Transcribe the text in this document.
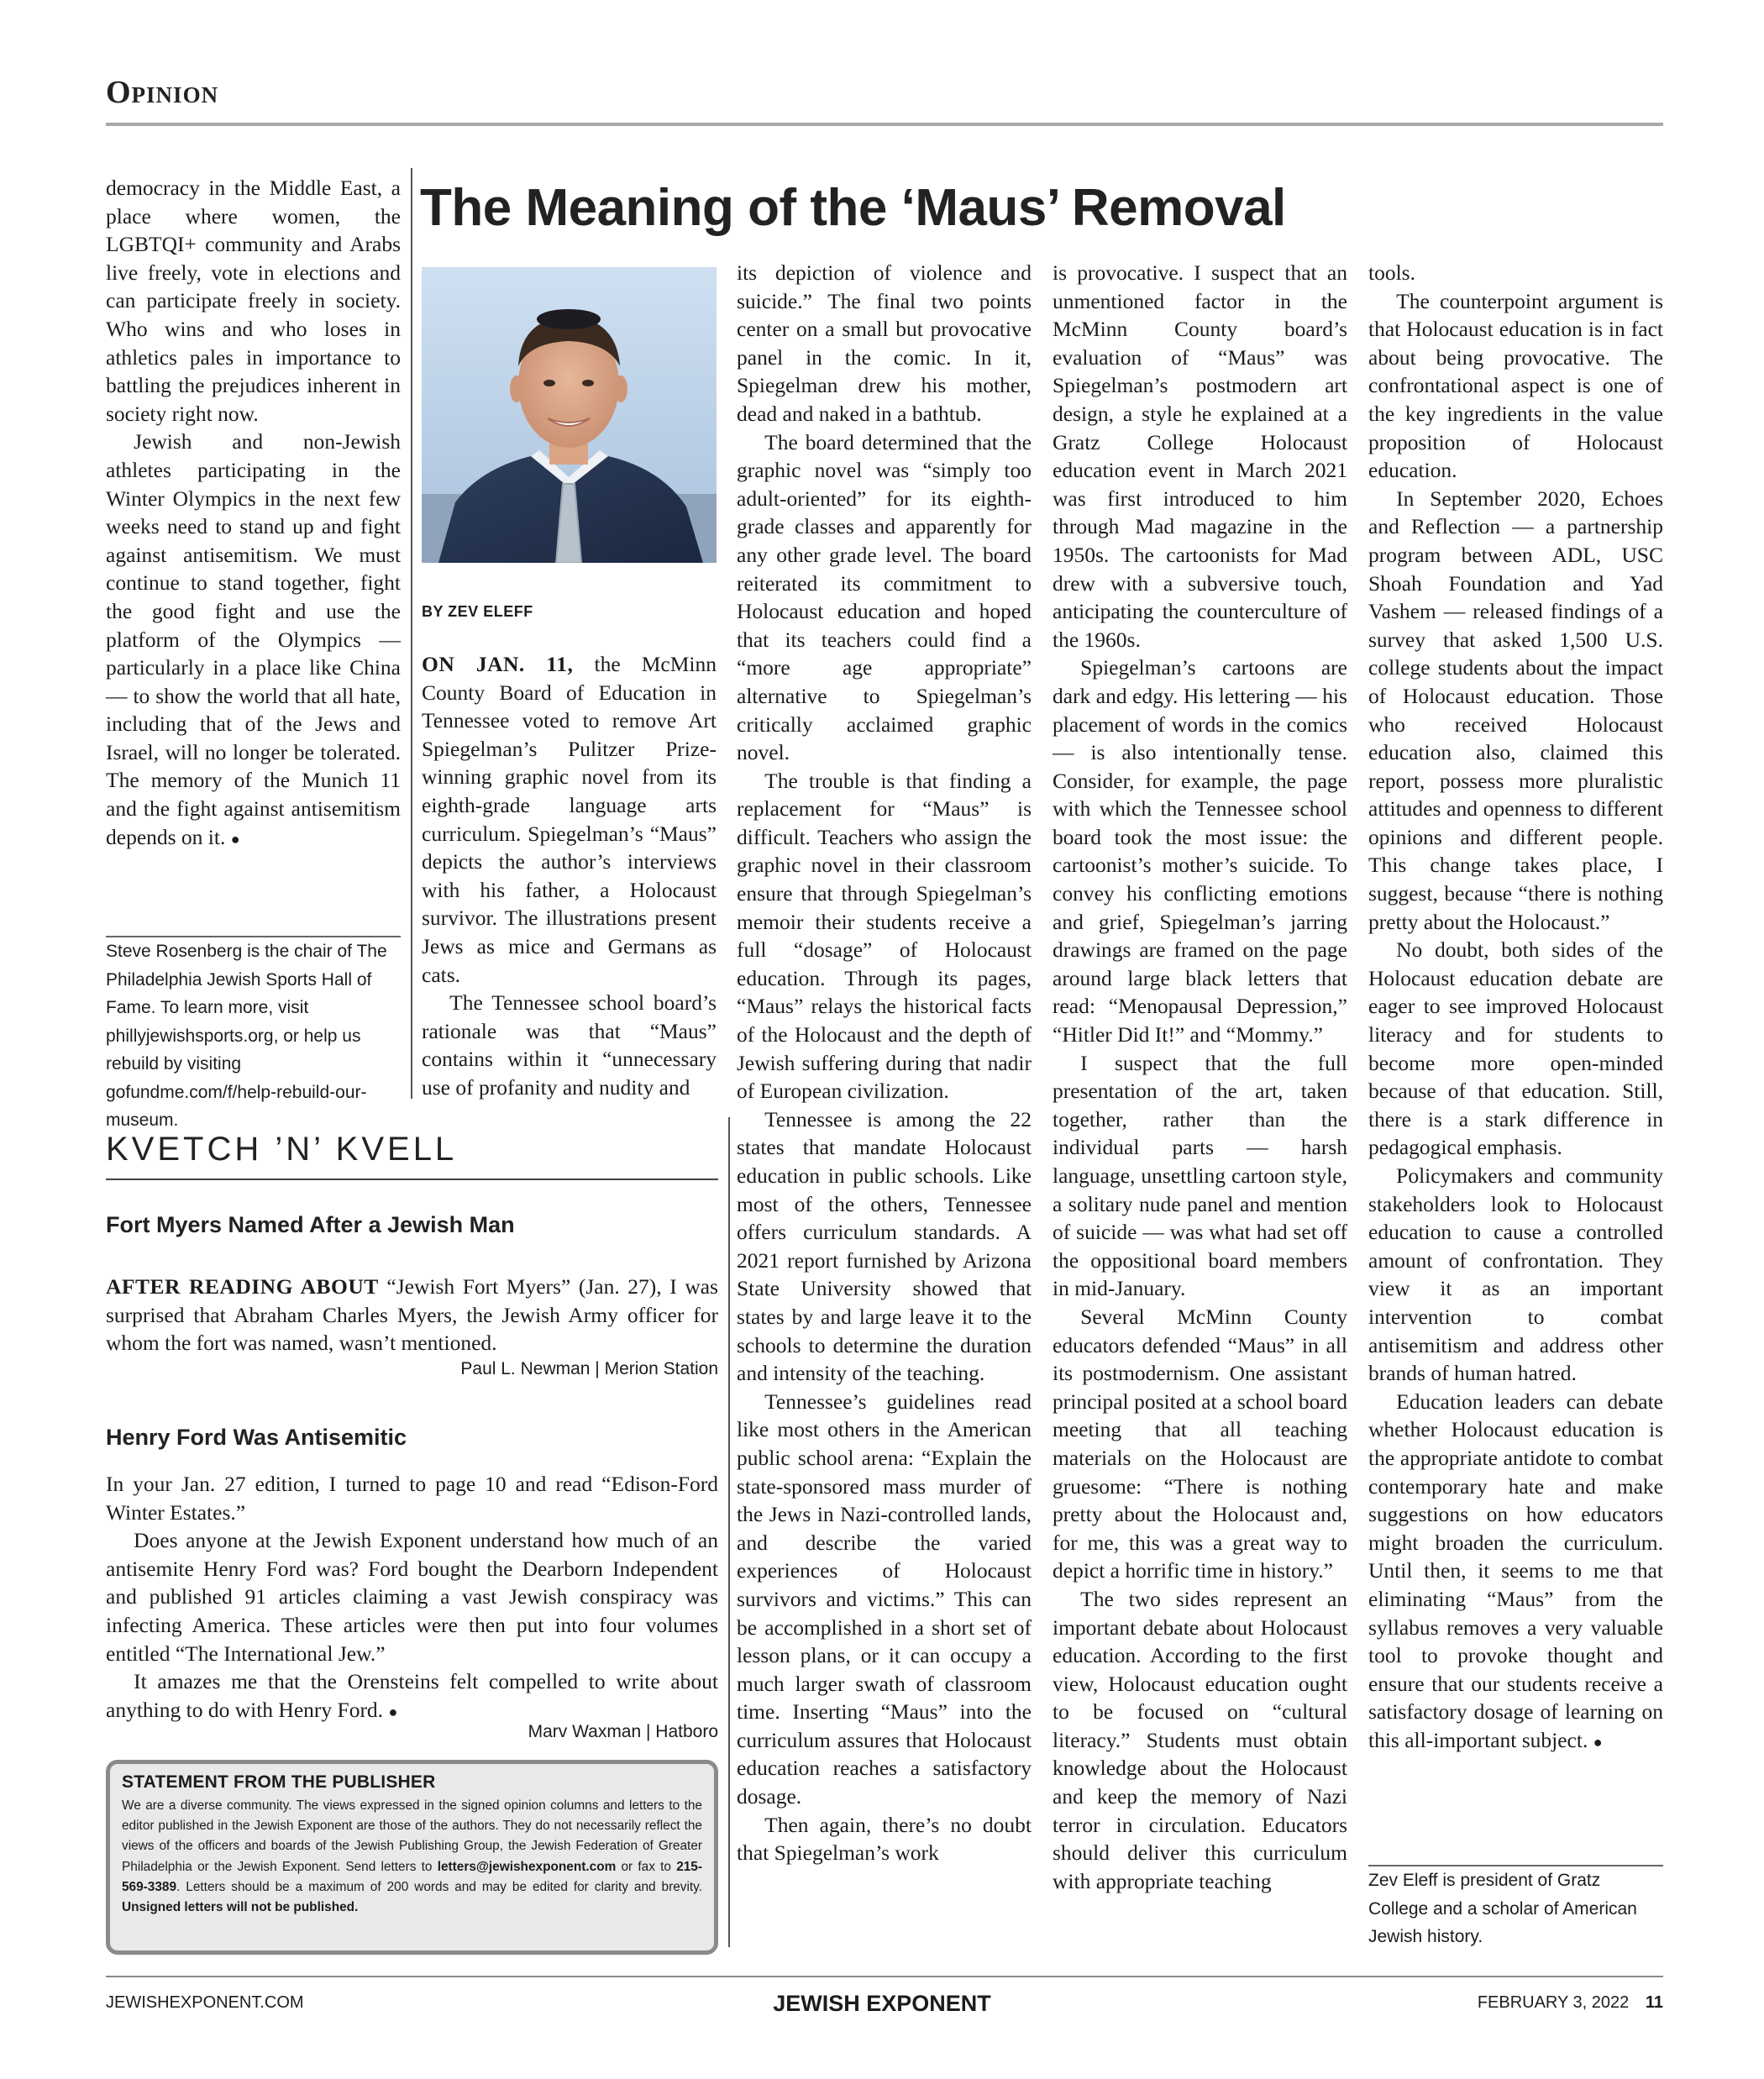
Opinion

democracy in the Middle East, a place where women, the LGBTQI+ community and Arabs live freely, vote in elections and can participate freely in society. Who wins and who loses in athletics pales in importance to battling the prejudices inherent in society right now.

Jewish and non-Jewish athletes participating in the Winter Olympics in the next few weeks need to stand up and fight against antisemitism. We must continue to stand together, fight the good fight and use the platform of the Olympics — particularly in a place like China — to show the world that all hate, including that of the Jews and Israel, will no longer be tolerated. The memory of the Munich 11 and the fight against antisemitism depends on it. ●

Steve Rosenberg is the chair of The Philadelphia Jewish Sports Hall of Fame. To learn more, visit phillyjewishsports.org, or help us rebuild by visiting gofundme.com/f/help-rebuild-our-museum.
The Meaning of the ‘Maus’ Removal
BY ZEV ELEFF

ON JAN. 11, the McMinn County Board of Education in Tennessee voted to remove Art Spiegelman’s Pulitzer Prize-winning graphic novel from its eighth-grade language arts curriculum. Spiegelman’s “Maus” depicts the author’s interviews with his father, a Holocaust survivor. The illustrations present Jews as mice and Germans as cats.

The Tennessee school board’s rationale was that “Maus” contains within it “unnecessary use of profanity and nudity and

its depiction of violence and suicide.” The final two points center on a small but provocative panel in the comic. In it, Spiegelman drew his mother, dead and naked in a bathtub.

The board determined that the graphic novel was “simply too adult-oriented” for its eighth-grade classes and apparently for any other grade level. The board reiterated its commitment to Holocaust education and hoped that its teachers could find a “more age appropriate” alternative to Spiegelman’s critically acclaimed graphic novel.

The trouble is that finding a replacement for “Maus” is difficult. Teachers who assign the graphic novel in their classroom ensure that through Spiegelman’s memoir their students receive a full “dosage” of Holocaust education. Through its pages, “Maus” relays the historical facts of the Holocaust and the depth of Jewish suffering during that nadir of European civilization.

Tennessee is among the 22 states that mandate Holocaust education in public schools. Like most of the others, Tennessee offers curriculum standards. A 2021 report furnished by Arizona State University showed that states by and large leave it to the schools to determine the duration and intensity of the teaching.

Tennessee’s guidelines read like most others in the American public school arena: “Explain the state-sponsored mass murder of the Jews in Nazi-controlled lands, and describe the varied experiences of Holocaust survivors and victims.” This can be accomplished in a short set of lesson plans, or it can occupy a much larger swath of classroom time. Inserting “Maus” into the curriculum assures that Holocaust education reaches a satisfactory dosage.

Then again, there’s no doubt that Spiegelman’s work

is provocative. I suspect that an unmentioned factor in the McMinn County board’s evaluation of “Maus” was Spiegelman’s postmodern art design, a style he explained at a Gratz College Holocaust education event in March 2021 was first introduced to him through Mad magazine in the 1950s. The cartoonists for Mad drew with a subversive touch, anticipating the counterculture of the 1960s.

Spiegelman’s cartoons are dark and edgy. His lettering — his placement of words in the comics — is also intentionally tense. Consider, for example, the page with which the Tennessee school board took the most issue: the cartoonist’s mother’s suicide. To convey his conflicting emotions and grief, Spiegelman’s jarring drawings are framed on the page around large black letters that read: “Menopausal Depression,” “Hitler Did It!” and “Mommy.”

I suspect that the full presentation of the art, taken together, rather than the individual parts — harsh language, unsettling cartoon style, a solitary nude panel and mention of suicide — was what had set off the oppositional board members in mid-January.

Several McMinn County educators defended “Maus” in all its postmodernism. One assistant principal posited at a school board meeting that all teaching materials on the Holocaust are gruesome: “There is nothing pretty about the Holocaust and, for me, this was a great way to depict a horrific time in history.”

The two sides represent an important debate about Holocaust education. According to the first view, Holocaust education ought to be focused on “cultural literacy.” Students must obtain knowledge about the Holocaust and keep the memory of Nazi terror in circulation. Educators should deliver this curriculum with appropriate teaching

tools.

The counterpoint argument is that Holocaust education is in fact about being provocative. The confrontational aspect is one of the key ingredients in the value proposition of Holocaust education.

In September 2020, Echoes and Reflection — a partnership program between ADL, USC Shoah Foundation and Yad Vashem — released findings of a survey that asked 1,500 U.S. college students about the impact of Holocaust education. Those who received Holocaust education also, claimed this report, possess more pluralistic attitudes and openness to different opinions and different people. This change takes place, I suggest, because “there is nothing pretty about the Holocaust.”

No doubt, both sides of the Holocaust education debate are eager to see improved Holocaust literacy and for students to become more open-minded because of that education. Still, there is a stark difference in pedagogical emphasis.

Policymakers and community stakeholders look to Holocaust education to cause a controlled amount of confrontation. They view it as an important intervention to combat antisemitism and address other brands of human hatred.

Education leaders can debate whether Holocaust education is the appropriate antidote to combat contemporary hate and make suggestions on how educators might broaden the curriculum. Until then, it seems to me that eliminating “Maus” from the syllabus removes a very valuable tool to provoke thought and ensure that our students receive a satisfactory dosage of learning on this all-important subject. ●

Zev Eleff is president of Gratz College and a scholar of American Jewish history.
KVETCH ’N’ KVELL
Fort Myers Named After a Jewish Man

AFTER READING ABOUT “Jewish Fort Myers” (Jan. 27), I was surprised that Abraham Charles Myers, the Jewish Army officer for whom the fort was named, wasn’t mentioned.

Paul L. Newman | Merion Station
Henry Ford Was Antisemitic

In your Jan. 27 edition, I turned to page 10 and read “Edison-Ford Winter Estates.”

Does anyone at the Jewish Exponent understand how much of an antisemite Henry Ford was? Ford bought the Dearborn Independent and published 91 articles claiming a vast Jewish conspiracy was infecting America. These articles were then put into four volumes entitled “The International Jew.”

It amazes me that the Orensteins felt compelled to write about anything to do with Henry Ford. ●

Marv Waxman | Hatboro
STATEMENT FROM THE PUBLISHER
We are a diverse community. The views expressed in the signed opinion columns and letters to the editor published in the Jewish Exponent are those of the authors. They do not necessarily reflect the views of the officers and boards of the Jewish Publishing Group, the Jewish Federation of Greater Philadelphia or the Jewish Exponent. Send letters to letters@jewishexponent.com or fax to 215-569-3389. Letters should be a maximum of 200 words and may be edited for clarity and brevity. Unsigned letters will not be published.
JEWISHEXPONENT.COM	JEWISH EXPONENT	FEBRUARY 3, 2022 11
